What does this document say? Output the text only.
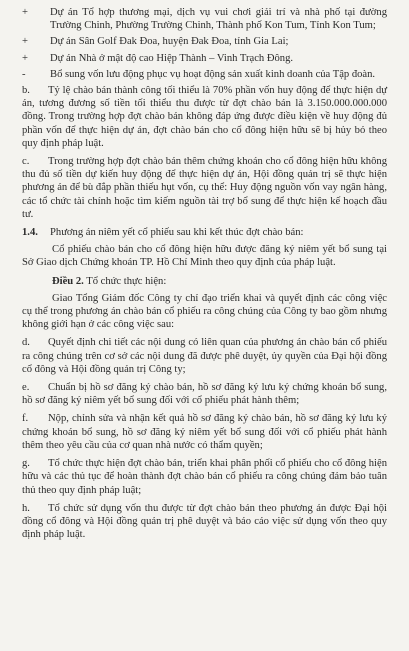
+	Dự án Tổ hợp thương mại, dịch vụ vui chơi giải trí và nhà phố tại đường Trường Chinh, Phường Trường Chinh, Thành phố Kon Tum, Tỉnh Kon Tum;
+	Dự án Sân Golf Đak Đoa, huyện Đak Đoa, tỉnh Gia Lai;
+	Dự án Nhà ở mật độ cao Hiệp Thành – Vinh Trạch Đông.
-	Bổ sung vốn lưu động phục vụ hoạt động sản xuất kinh doanh của Tập đoàn.

b. Tỷ lệ chào bán thành công tối thiểu là 70% phần vốn huy động để thực hiện dự án, tương đương số tiền tối thiểu thu được từ đợt chào bán là 3.150.000.000.000 đồng. Trong trường hợp đợt chào bán không đáp ứng được điều kiện về huy động đủ phần vốn để thực hiện dự án, đợt chào bán cho cổ đông hiện hữu sẽ bị hủy bỏ theo quy định pháp luật.

c. Trong trường hợp đợt chào bán thêm chứng khoán cho cổ đông hiện hữu không thu đủ số tiền dự kiến huy động để thực hiện dự án, Hội đồng quản trị sẽ thực hiện phương án để bù đắp phần thiếu hụt vốn, cụ thể: Huy động nguồn vốn vay ngân hàng, các tổ chức tài chính hoặc tìm kiếm nguồn tài trợ bổ sung để thực hiện kế hoạch đầu tư.

1.4. Phương án niêm yết cổ phiếu sau khi kết thúc đợt chào bán:

Cổ phiếu chào bán cho cổ đông hiện hữu được đăng ký niêm yết bổ sung tại Sở Giao dịch Chứng khoán TP. Hồ Chí Minh theo quy định của pháp luật.

Điều 2. Tổ chức thực hiện:

Giao Tổng Giám đốc Công ty chỉ đạo triển khai và quyết định các công việc cụ thể trong phương án chào bán cổ phiếu ra công chúng của Công ty bao gồm nhưng không giới hạn ở các công việc sau:

d. Quyết định chi tiết các nội dung có liên quan của phương án chào bán cổ phiếu ra công chúng trên cơ sở các nội dung đã được phê duyệt, ủy quyền của Đại hội đồng cổ đông và Hội đồng quản trị Công ty;

e. Chuẩn bị hồ sơ đăng ký chào bán, hồ sơ đăng ký lưu ký chứng khoán bổ sung, hồ sơ đăng ký niêm yết bổ sung đối với cổ phiếu phát hành thêm;

f. Nộp, chỉnh sửa và nhận kết quả hồ sơ đăng ký chào bán, hồ sơ đăng ký lưu ký chứng khoán bổ sung, hồ sơ đăng ký niêm yết bổ sung đối với cổ phiếu phát hành thêm theo yêu cầu của cơ quan nhà nước có thẩm quyền;

g. Tổ chức thực hiện đợt chào bán, triển khai phân phối cổ phiếu cho cổ đông hiện hữu và các thủ tục để hoàn thành đợt chào bán cổ phiếu ra công chúng đảm bảo tuân thủ theo quy định pháp luật;

h. Tổ chức sử dụng vốn thu được từ đợt chào bán theo phương án được Đại hội đồng cổ đông và Hội đồng quản trị phê duyệt và báo cáo việc sử dụng vốn theo quy định pháp luật.
